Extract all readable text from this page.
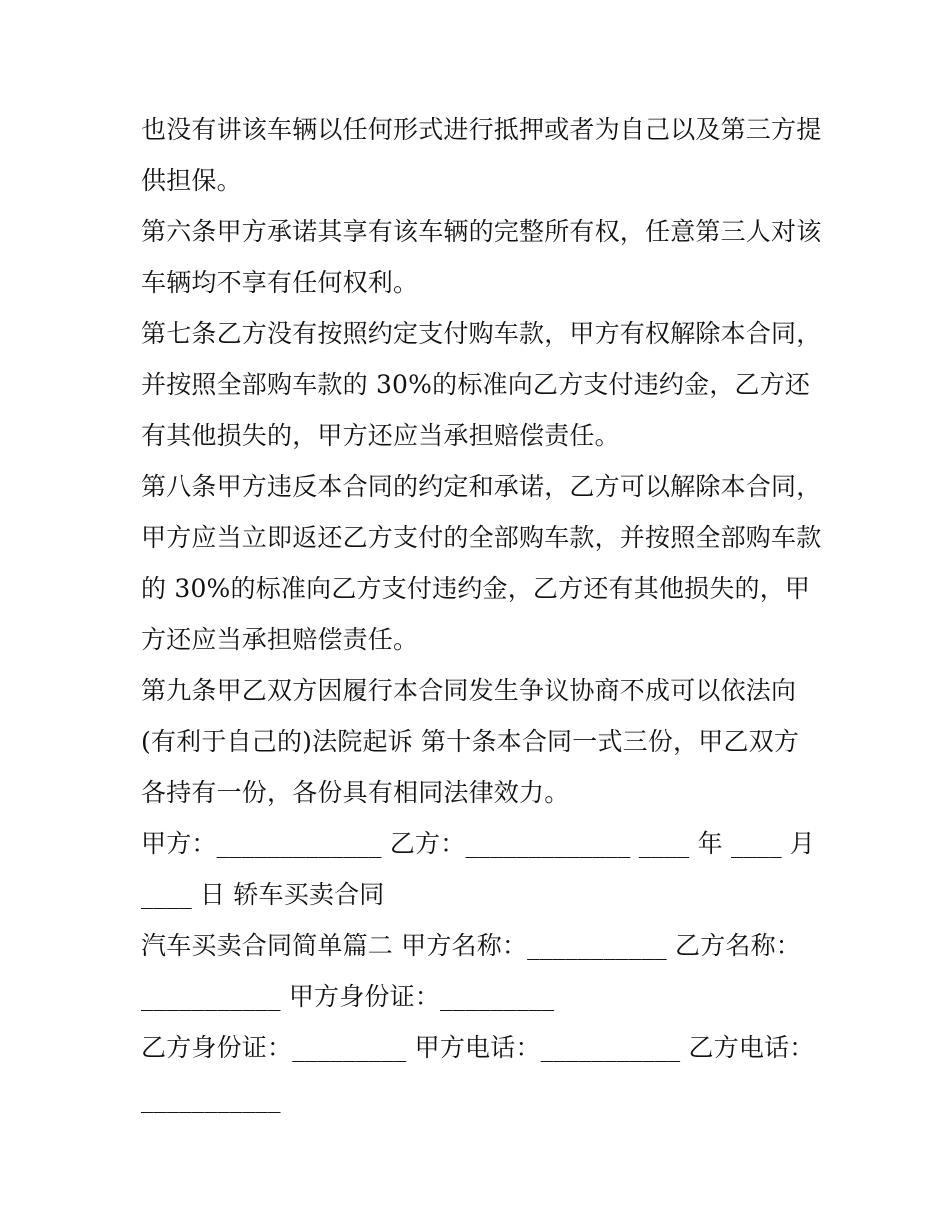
也没有讲该车辆以任何形式进行抵押或者为自己以及第三方提
供担保。
第六条甲方承诺其享有该车辆的完整所有权，任意第三人对该
车辆均不享有任何权利。
第七条乙方没有按照约定支付购车款，甲方有权解除本合同，
并按照全部购车款的 30%的标准向乙方支付违约金，乙方还
有其他损失的，甲方还应当承担赔偿责任。
第八条甲方违反本合同的约定和承诺，乙方可以解除本合同，
甲方应当立即返还乙方支付的全部购车款，并按照全部购车款
的 30%的标准向乙方支付违约金，乙方还有其他损失的，甲
方还应当承担赔偿责任。
第九条甲乙双方因履行本合同发生争议协商不成可以依法向
(有利于自己的)法院起诉 第十条本合同一式三份，甲乙双方
各持有一份，各份具有相同法律效力。
甲方：_____________ 乙方：_____________ ____ 年 ____ 月
____ 日 轿车买卖合同
汽车买卖合同简单篇二 甲方名称：___________ 乙方名称：
___________ 甲方身份证：_________
乙方身份证：_________ 甲方电话：___________ 乙方电话：
___________
